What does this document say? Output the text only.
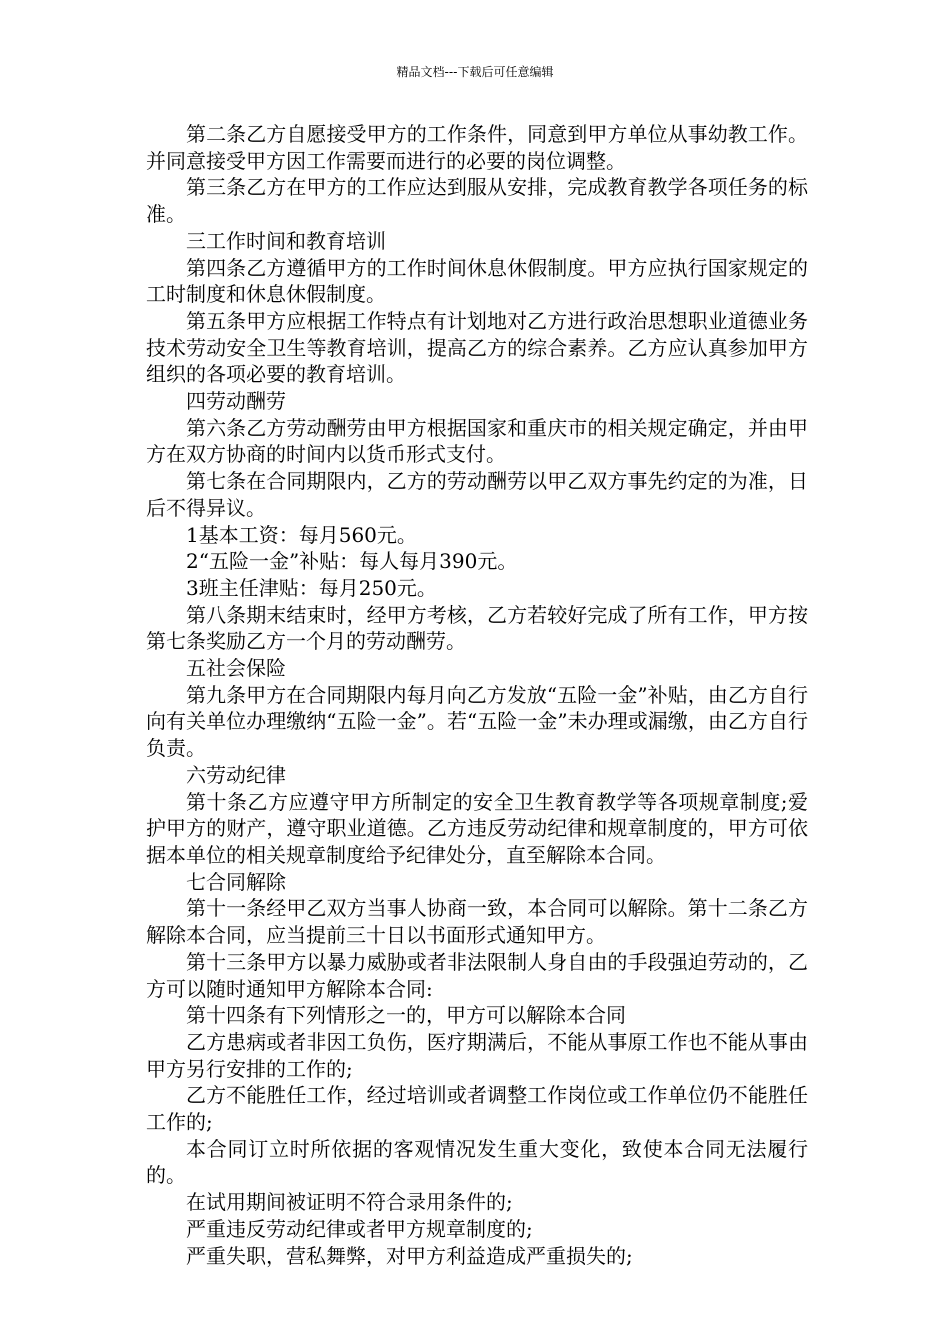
精品文档---下载后可任意编辑

第二条乙方自愿接受甲方的工作条件，同意到甲方单位从事幼教工作。并同意接受甲方因工作需要而进行的必要的岗位调整。

第三条乙方在甲方的工作应达到服从安排，完成教育教学各项任务的标准。

三工作时间和教育培训

第四条乙方遵循甲方的工作时间休息休假制度。甲方应执行国家规定的工时制度和休息休假制度。

第五条甲方应根据工作特点有计划地对乙方进行政治思想职业道德业务技术劳动安全卫生等教育培训，提高乙方的综合素养。乙方应认真参加甲方组织的各项必要的教育培训。

四劳动酬劳

第六条乙方劳动酬劳由甲方根据国家和重庆市的相关规定确定，并由甲方在双方协商的时间内以货币形式支付。

第七条在合同期限内，乙方的劳动酬劳以甲乙双方事先约定的为准，日后不得异议。

1基本工资：每月560元。

2“五险一金”补贴：每人每月390元。

3班主任津贴：每月250元。

第八条期末结束时，经甲方考核，乙方若较好完成了所有工作，甲方按第七条奖励乙方一个月的劳动酬劳。

五社会保险

第九条甲方在合同期限内每月向乙方发放“五险一金”补贴，由乙方自行向有关单位办理缴纳“五险一金”。若“五险一金”未办理或漏缴，由乙方自行负责。

六劳动纪律

第十条乙方应遵守甲方所制定的安全卫生教育教学等各项规章制度;爱护甲方的财产，遵守职业道德。乙方违反劳动纪律和规章制度的，甲方可依据本单位的相关规章制度给予纪律处分，直至解除本合同。

七合同解除

第十一条经甲乙双方当事人协商一致，本合同可以解除。第十二条乙方解除本合同，应当提前三十日以书面形式通知甲方。

第十三条甲方以暴力威胁或者非法限制人身自由的手段强迫劳动的，乙方可以随时通知甲方解除本合同:

第十四条有下列情形之一的，甲方可以解除本合同

乙方患病或者非因工负伤，医疗期满后，不能从事原工作也不能从事由甲方另行安排的工作的;

乙方不能胜任工作，经过培训或者调整工作岗位或工作单位仍不能胜任工作的;

本合同订立时所依据的客观情况发生重大变化，致使本合同无法履行的。

在试用期间被证明不符合录用条件的;

严重违反劳动纪律或者甲方规章制度的;

严重失职，营私舞弊，对甲方利益造成严重损失的;
